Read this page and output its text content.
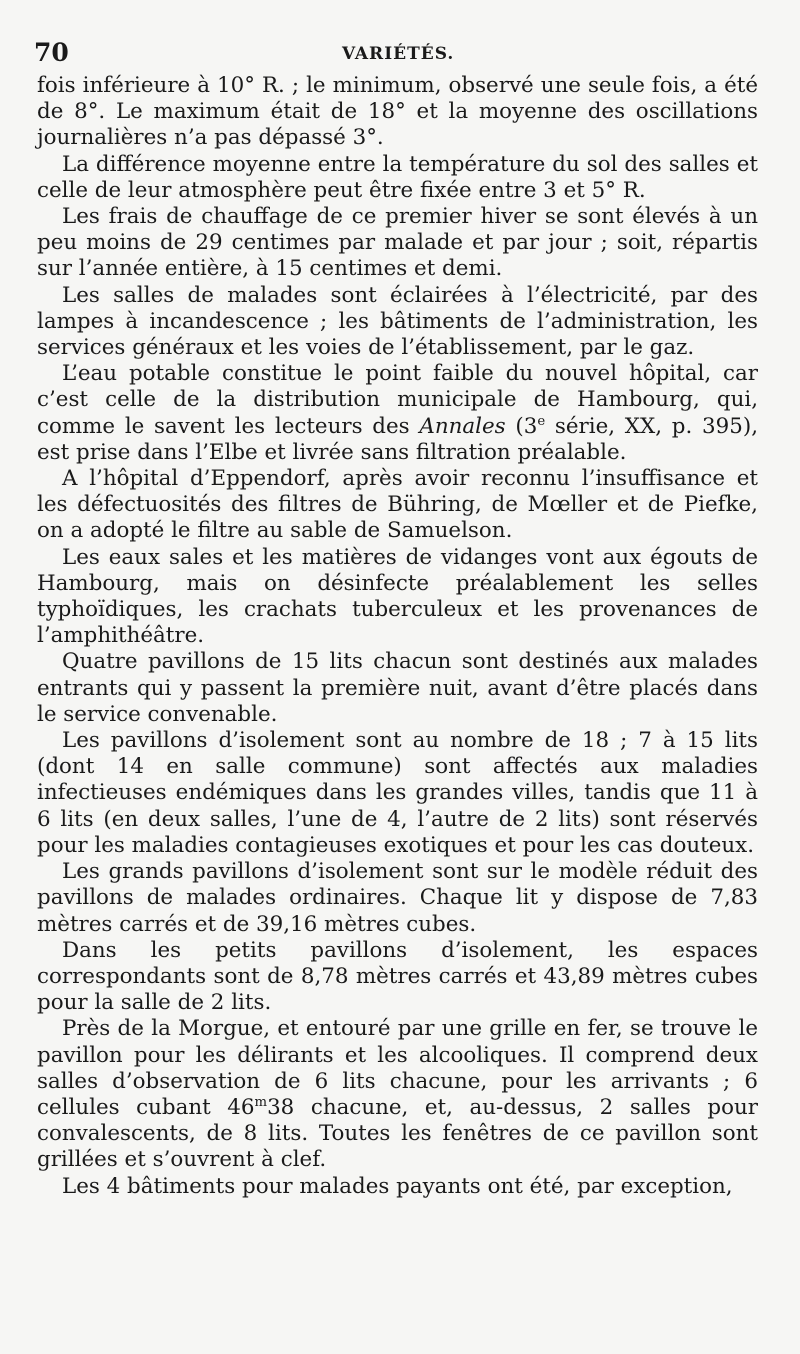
70	VARIÉTÉS.

fois inférieure à 10° R. ; le minimum, observé une seule fois, a été de 8°. Le maximum était de 18° et la moyenne des oscillations journalières n’a pas dépassé 3°.

La différence moyenne entre la température du sol des salles et celle de leur atmosphère peut être fixée entre 3 et 5° R.

Les frais de chauffage de ce premier hiver se sont élevés à un peu moins de 29 centimes par malade et par jour ; soit, répartis sur l’année entière, à 15 centimes et demi.

Les salles de malades sont éclairées à l’électricité, par des lampes à incandescence ; les bâtiments de l’administration, les services généraux et les voies de l’établissement, par le gaz.

L’eau potable constitue le point faible du nouvel hôpital, car c’est celle de la distribution municipale de Hambourg, qui, comme le savent les lecteurs des Annales (3e série, XX, p. 395), est prise dans l’Elbe et livrée sans filtration préalable.

A l’hôpital d’Eppendorf, après avoir reconnu l’insuffisance et les défectuosités des filtres de Bühring, de Mœller et de Piefke, on a adopté le filtre au sable de Samuelson.

Les eaux sales et les matières de vidanges vont aux égouts de Hambourg, mais on désinfecte préalablement les selles typhoïdiques, les crachats tuberculeux et les provenances de l’amphithéâtre.

Quatre pavillons de 15 lits chacun sont destinés aux malades entrants qui y passent la première nuit, avant d’être placés dans le service convenable.

Les pavillons d’isolement sont au nombre de 18 ; 7 à 15 lits (dont 14 en salle commune) sont affectés aux maladies infectieuses endémiques dans les grandes villes, tandis que 11 à 6 lits (en deux salles, l’une de 4, l’autre de 2 lits) sont réservés pour les maladies contagieuses exotiques et pour les cas douteux.

Les grands pavillons d’isolement sont sur le modèle réduit des pavillons de malades ordinaires. Chaque lit y dispose de 7,83 mètres carrés et de 39,16 mètres cubes.

Dans les petits pavillons d’isolement, les espaces correspondants sont de 8,78 mètres carrés et 43,89 mètres cubes pour la salle de 2 lits.

Près de la Morgue, et entouré par une grille en fer, se trouve le pavillon pour les délirants et les alcooliques. Il comprend deux salles d’observation de 6 lits chacune, pour les arrivants ; 6 cellules cubant 46$^m$38 chacune, et, au-dessus, 2 salles pour convalescents, de 8 lits. Toutes les fenêtres de ce pavillon sont grillées et s’ouvrent à clef.

Les 4 bâtiments pour malades payants ont été, par exception,
